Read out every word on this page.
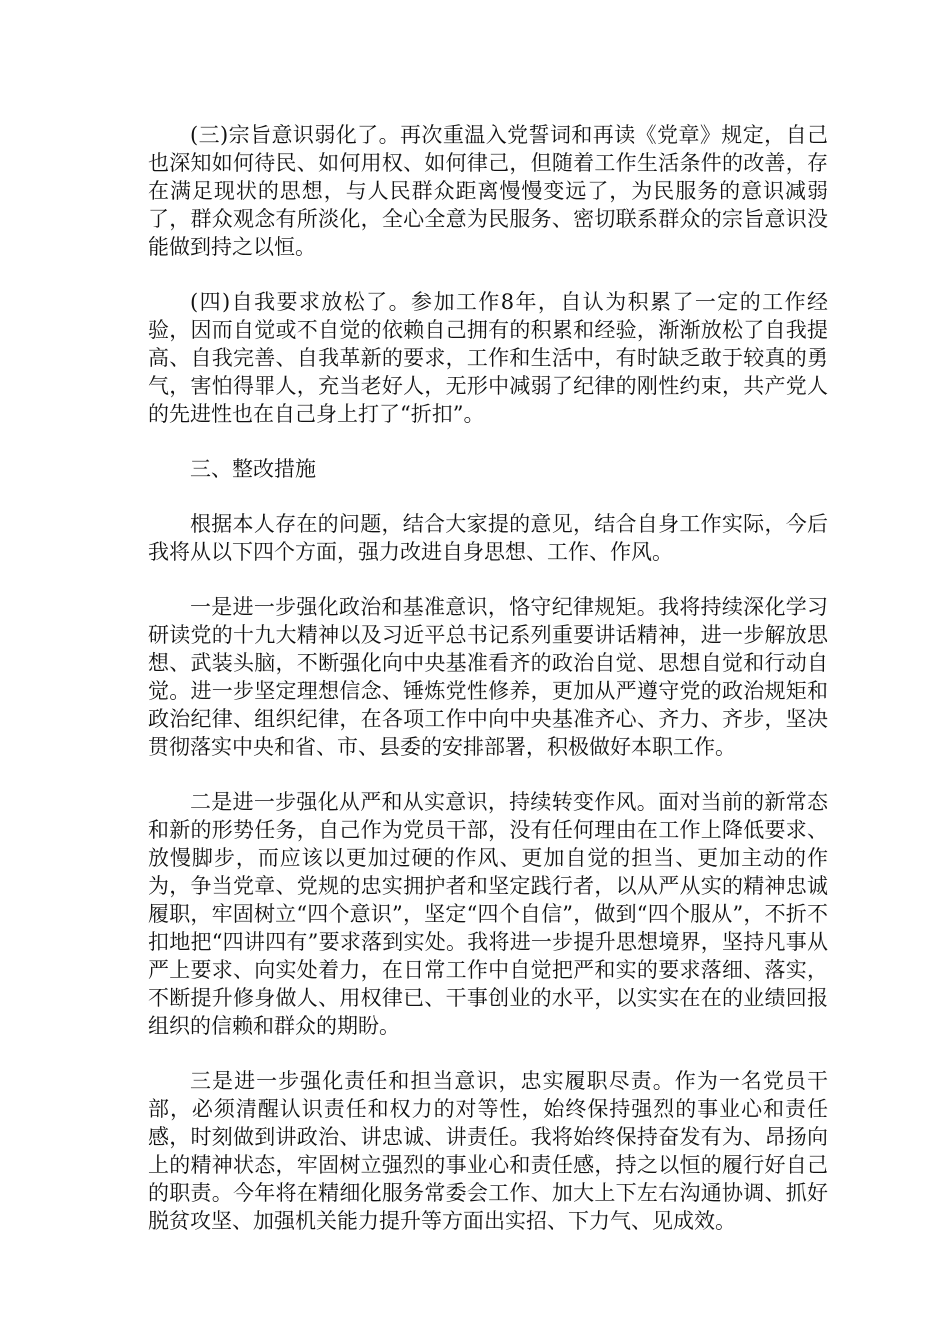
(三)宗旨意识弱化了。再次重温入党誓词和再读《党章》规定，自己也深知如何待民、如何用权、如何律己，但随着工作生活条件的改善，存在满足现状的思想，与人民群众距离慢慢变远了，为民服务的意识减弱了，群众观念有所淡化，全心全意为民服务、密切联系群众的宗旨意识没能做到持之以恒。

(四)自我要求放松了。参加工作8年，自认为积累了一定的工作经验，因而自觉或不自觉的依赖自己拥有的积累和经验，渐渐放松了自我提高、自我完善、自我革新的要求，工作和生活中，有时缺乏敢于较真的勇气，害怕得罪人，充当老好人，无形中减弱了纪律的刚性约束，共产党人的先进性也在自己身上打了“折扣”。

三、整改措施

根据本人存在的问题，结合大家提的意见，结合自身工作实际，今后我将从以下四个方面，强力改进自身思想、工作、作风。

一是进一步强化政治和基准意识，恪守纪律规矩。我将持续深化学习研读党的十九大精神以及习近平总书记系列重要讲话精神，进一步解放思想、武装头脑，不断强化向中央基准看齐的政治自觉、思想自觉和行动自觉。进一步坚定理想信念、锤炼党性修养，更加从严遵守党的政治规矩和政治纪律、组织纪律，在各项工作中向中央基准齐心、齐力、齐步，坚决贯彻落实中央和省、市、县委的安排部署，积极做好本职工作。

二是进一步强化从严和从实意识，持续转变作风。面对当前的新常态和新的形势任务，自己作为党员干部，没有任何理由在工作上降低要求、放慢脚步，而应该以更加过硬的作风、更加自觉的担当、更加主动的作为，争当党章、党规的忠实拥护者和坚定践行者，以从严从实的精神忠诚履职，牢固树立“四个意识”，坚定“四个自信”，做到“四个服从”，不折不扣地把“四讲四有”要求落到实处。我将进一步提升思想境界，坚持凡事从严上要求、向实处着力，在日常工作中自觉把严和实的要求落细、落实，不断提升修身做人、用权律已、干事创业的水平，以实实在在的业绩回报组织的信赖和群众的期盼。

三是进一步强化责任和担当意识，忠实履职尽责。作为一名党员干部，必须清醒认识责任和权力的对等性，始终保持强烈的事业心和责任感，时刻做到讲政治、讲忠诚、讲责任。我将始终保持奋发有为、昂扬向上的精神状态，牢固树立强烈的事业心和责任感，持之以恒的履行好自己的职责。今年将在精细化服务常委会工作、加大上下左右沟通协调、抓好脱贫攻坚、加强机关能力提升等方面出实招、下力气、见成效。
